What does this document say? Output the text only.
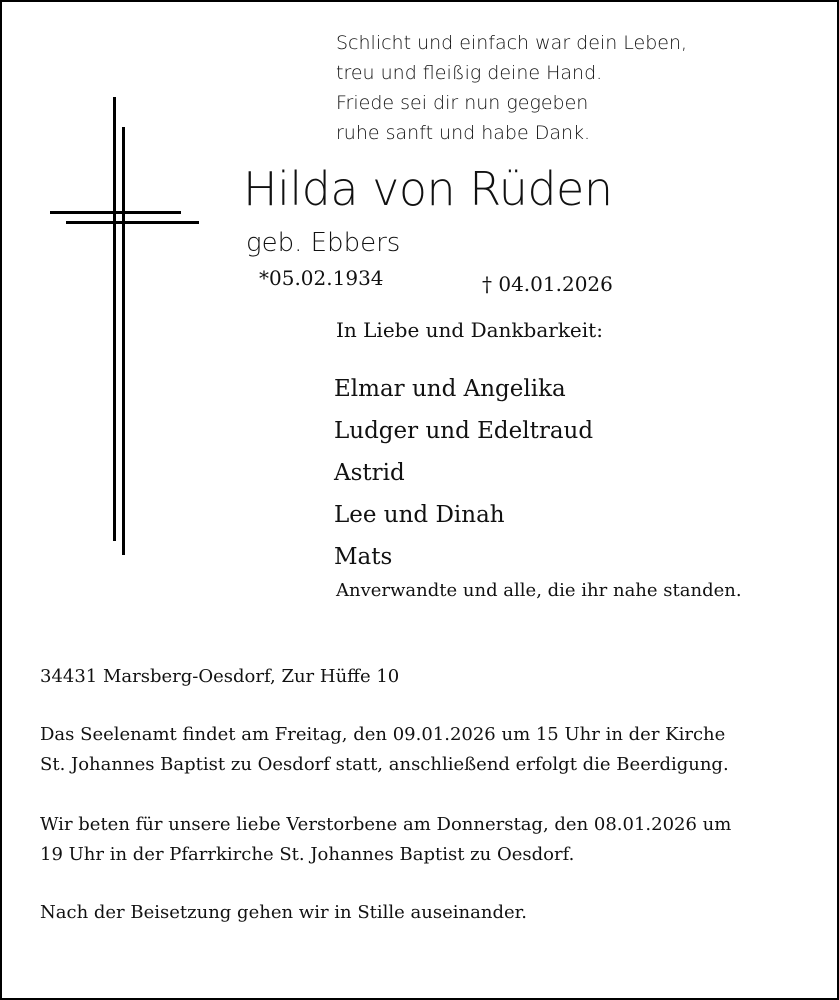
Schlicht und einfach war dein Leben,
treu und fleißig deine Hand.
Friede sei dir nun gegeben
ruhe sanft und habe Dank.
Hilda von Rüden
geb. Ebbers
*05.02.1934	† 04.01.2026
In Liebe und Dankbarkeit:
Elmar und Angelika
Ludger und Edeltraud
Astrid
Lee und Dinah
Mats
Anverwandte und alle, die ihr nahe standen.
34431 Marsberg-Oesdorf, Zur Hüffe 10
Das Seelenamt findet am Freitag, den 09.01.2026 um 15 Uhr in der Kirche
St. Johannes Baptist zu Oesdorf statt, anschließend erfolgt die Beerdigung.
Wir beten für unsere liebe Verstorbene am Donnerstag, den 08.01.2026 um
19 Uhr in der Pfarrkirche St. Johannes Baptist zu Oesdorf.
Nach der Beisetzung gehen wir in Stille auseinander.
